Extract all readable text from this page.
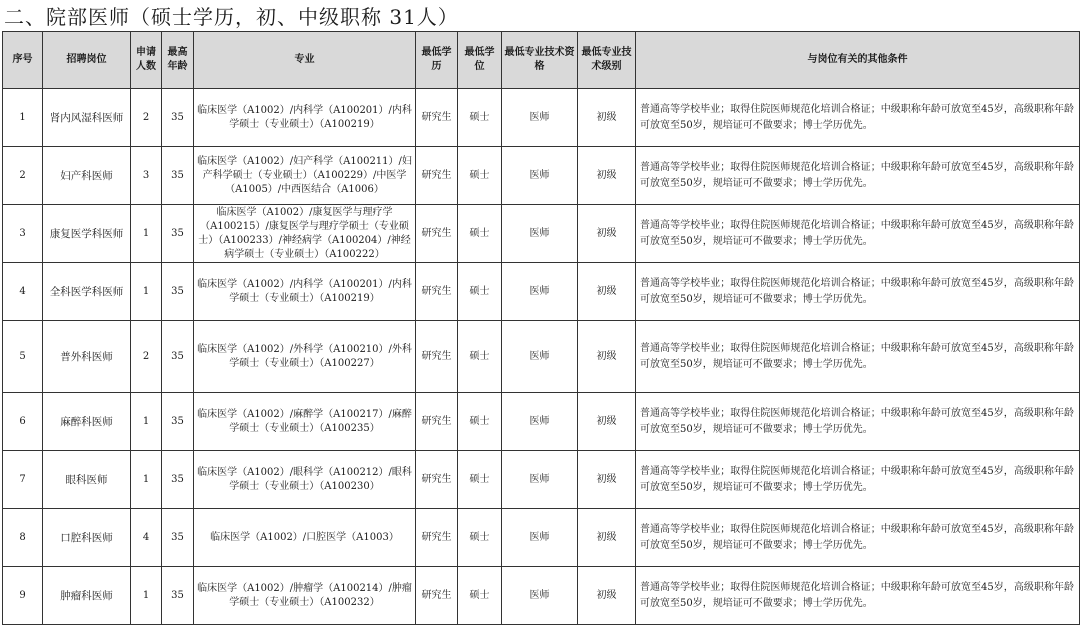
二、院部医师（硕士学历，初、中级职称 31人）
序号	招聘岗位	申请人数	最高年龄	专业	最低学历	最低学位	最低专业技术资格	最低专业技术级别	与岗位有关的其他条件
1	肾内风湿科医师	2	35	临床医学（A1002）/内科学（A100201）/内科学硕士（专业硕士）（A100219）	研究生	硕士	医师	初级	普通高等学校毕业；取得住院医师规范化培训合格证；中级职称年龄可放宽至45岁，高级职称年龄可放宽至50岁，规培证可不做要求；博士学历优先。
2	妇产科医师	3	35	临床医学（A1002）/妇产科学（A100211）/妇产科学硕士（专业硕士）（A100229）/中医学（A1005）/中西医结合（A1006）	研究生	硕士	医师	初级	普通高等学校毕业；取得住院医师规范化培训合格证；中级职称年龄可放宽至45岁，高级职称年龄可放宽至50岁，规培证可不做要求；博士学历优先。
3	康复医学科医师	1	35	临床医学（A1002）/康复医学与理疗学（A100215）/康复医学与理疗学硕士（专业硕士）（A100233）/神经病学（A100204）/神经病学硕士（专业硕士）（A100222）	研究生	硕士	医师	初级	普通高等学校毕业；取得住院医师规范化培训合格证；中级职称年龄可放宽至45岁，高级职称年龄可放宽至50岁，规培证可不做要求；博士学历优先。
4	全科医学科医师	1	35	临床医学（A1002）/内科学（A100201）/内科学硕士（专业硕士）（A100219）	研究生	硕士	医师	初级	普通高等学校毕业；取得住院医师规范化培训合格证；中级职称年龄可放宽至45岁，高级职称年龄可放宽至50岁，规培证可不做要求；博士学历优先。
5	普外科医师	2	35	临床医学（A1002）/外科学（A100210）/外科学硕士（专业硕士）（A100227）	研究生	硕士	医师	初级	普通高等学校毕业；取得住院医师规范化培训合格证；中级职称年龄可放宽至45岁，高级职称年龄可放宽至50岁，规培证可不做要求；博士学历优先。
6	麻醉科医师	1	35	临床医学（A1002）/麻醉学（A100217）/麻醉学硕士（专业硕士）（A100235）	研究生	硕士	医师	初级	普通高等学校毕业；取得住院医师规范化培训合格证；中级职称年龄可放宽至45岁，高级职称年龄可放宽至50岁，规培证可不做要求；博士学历优先。
7	眼科医师	1	35	临床医学（A1002）/眼科学（A100212）/眼科学硕士（专业硕士）（A100230）	研究生	硕士	医师	初级	普通高等学校毕业；取得住院医师规范化培训合格证；中级职称年龄可放宽至45岁，高级职称年龄可放宽至50岁，规培证可不做要求；博士学历优先。
8	口腔科医师	4	35	临床医学（A1002）/口腔医学（A1003）	研究生	硕士	医师	初级	普通高等学校毕业；取得住院医师规范化培训合格证；中级职称年龄可放宽至45岁，高级职称年龄可放宽至50岁，规培证可不做要求；博士学历优先。
9	肿瘤科医师	1	35	临床医学（A1002）/肿瘤学（A100214）/肿瘤学硕士（专业硕士）（A100232）	研究生	硕士	医师	初级	普通高等学校毕业；取得住院医师规范化培训合格证；中级职称年龄可放宽至45岁，高级职称年龄可放宽至50岁，规培证可不做要求；博士学历优先。
